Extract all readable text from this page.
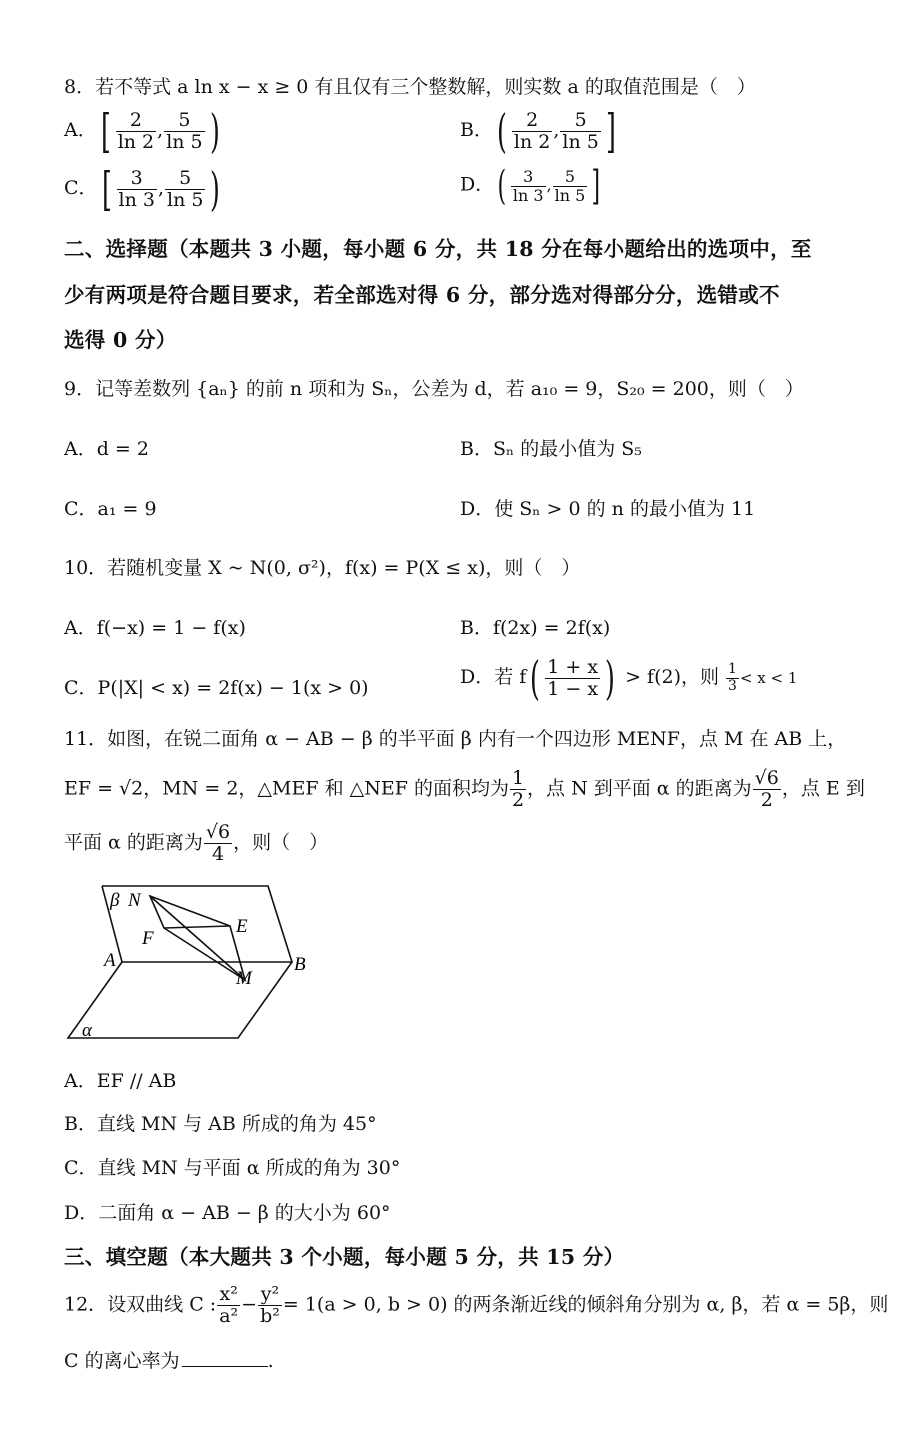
8．若不等式 a ln x − x ≥ 0 有且仅有三个整数解，则实数 a 的取值范围是（　）
A．[ $\frac{2}{\ln 2}$ , $\frac{5}{\ln 5}$ )	B．( $\frac{2}{\ln 2}$ , $\frac{5}{\ln 5}$ ]
C．[ $\frac{3}{\ln 3}$ , $\frac{5}{\ln 5}$ )	D．( $\frac{3}{\ln 3}$ , $\frac{5}{\ln 5}$ ]
二、选择题（本题共 3 小题，每小题 6 分，共 18 分在每小题给出的选项中，至
少有两项是符合题目要求，若全部选对得 6 分，部分选对得部分分，选错或不
选得 0 分）
9．记等差数列 {aₙ} 的前 n 项和为 Sₙ，公差为 d，若 a₁₀ = 9，S₂₀ = 200，则（　）
A．d = 2	B．Sₙ 的最小值为 S₅
C．a₁ = 9	D．使 Sₙ > 0 的 n 的最小值为 11
10．若随机变量 X ~ N(0, σ²)，f(x) = P(X ≤ x)，则（　）
A．f(−x) = 1 − f(x)	B．f(2x) = 2f(x)
C．P(|X| < x) = 2f(x) − 1(x > 0)	D．若 $f( \frac{1 + x}{1 - x}$ ) > f(2)，则 $\frac{1}{3} < x < 1$
11．如图，在锐二面角 α − AB − β 的半平面 β 内有一个四边形 MENF，点 M 在 AB 上，
EF = √2，MN = 2，△MEF 和 △NEF 的面积均为 $\frac{1}{2}$ ，点 N 到平面 α 的距离为 $\frac{√6}{2}$ ，点 E 到
平面 α 的距离为 $\frac{√6}{4}$ ，则（　）
β N
E
F
A
M
B
α
A．EF // AB
B．直线 MN 与 AB 所成的角为 45°
C．直线 MN 与平面 α 所成的角为 30°
D．二面角 α − AB − β 的大小为 60°
三、填空题（本大题共 3 个小题，每小题 5 分，共 15 分）
12．设双曲线 C : $\frac{\text{x²}}{\text{a²}} - \frac{\text{y²}}{\text{b²}} = 1(a > 0$, b > 0) 的两条渐近线的倾斜角分别为 α, β，若 α = 5β，则
C 的离心率为	.
